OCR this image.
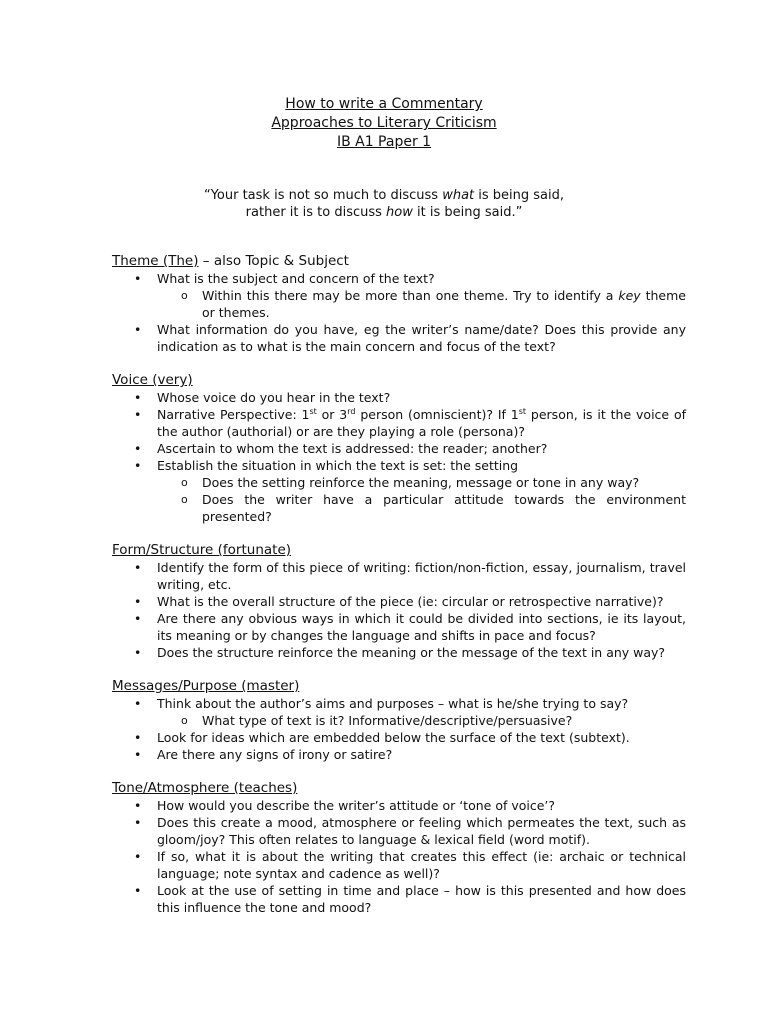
How to write a Commentary
Approaches to Literary Criticism
IB A1 Paper 1
“Your task is not so much to discuss what is being said,
rather it is to discuss how it is being said.”
Theme (The) – also Topic & Subject
• What is the subject and concern of the text?
o Within this there may be more than one theme. Try to identify a key theme or themes.
• What information do you have, eg the writer’s name/date? Does this provide any indication as to what is the main concern and focus of the text?
Voice (very)
• Whose voice do you hear in the text?
• Narrative Perspective: 1st or 3rd person (omniscient)? If 1st person, is it the voice of the author (authorial) or are they playing a role (persona)?
• Ascertain to whom the text is addressed: the reader; another?
• Establish the situation in which the text is set: the setting
o Does the setting reinforce the meaning, message or tone in any way?
o Does the writer have a particular attitude towards the environment presented?
Form/Structure (fortunate)
• Identify the form of this piece of writing: fiction/non-fiction, essay, journalism, travel writing, etc.
• What is the overall structure of the piece (ie: circular or retrospective narrative)?
• Are there any obvious ways in which it could be divided into sections, ie its layout, its meaning or by changes the language and shifts in pace and focus?
• Does the structure reinforce the meaning or the message of the text in any way?
Messages/Purpose (master)
• Think about the author’s aims and purposes – what is he/she trying to say?
o What type of text is it? Informative/descriptive/persuasive?
• Look for ideas which are embedded below the surface of the text (subtext).
• Are there any signs of irony or satire?
Tone/Atmosphere (teaches)
• How would you describe the writer’s attitude or ‘tone of voice’?
• Does this create a mood, atmosphere or feeling which permeates the text, such as gloom/joy? This often relates to language & lexical field (word motif).
• If so, what it is about the writing that creates this effect (ie: archaic or technical language; note syntax and cadence as well)?
• Look at the use of setting in time and place – how is this presented and how does this influence the tone and mood?
